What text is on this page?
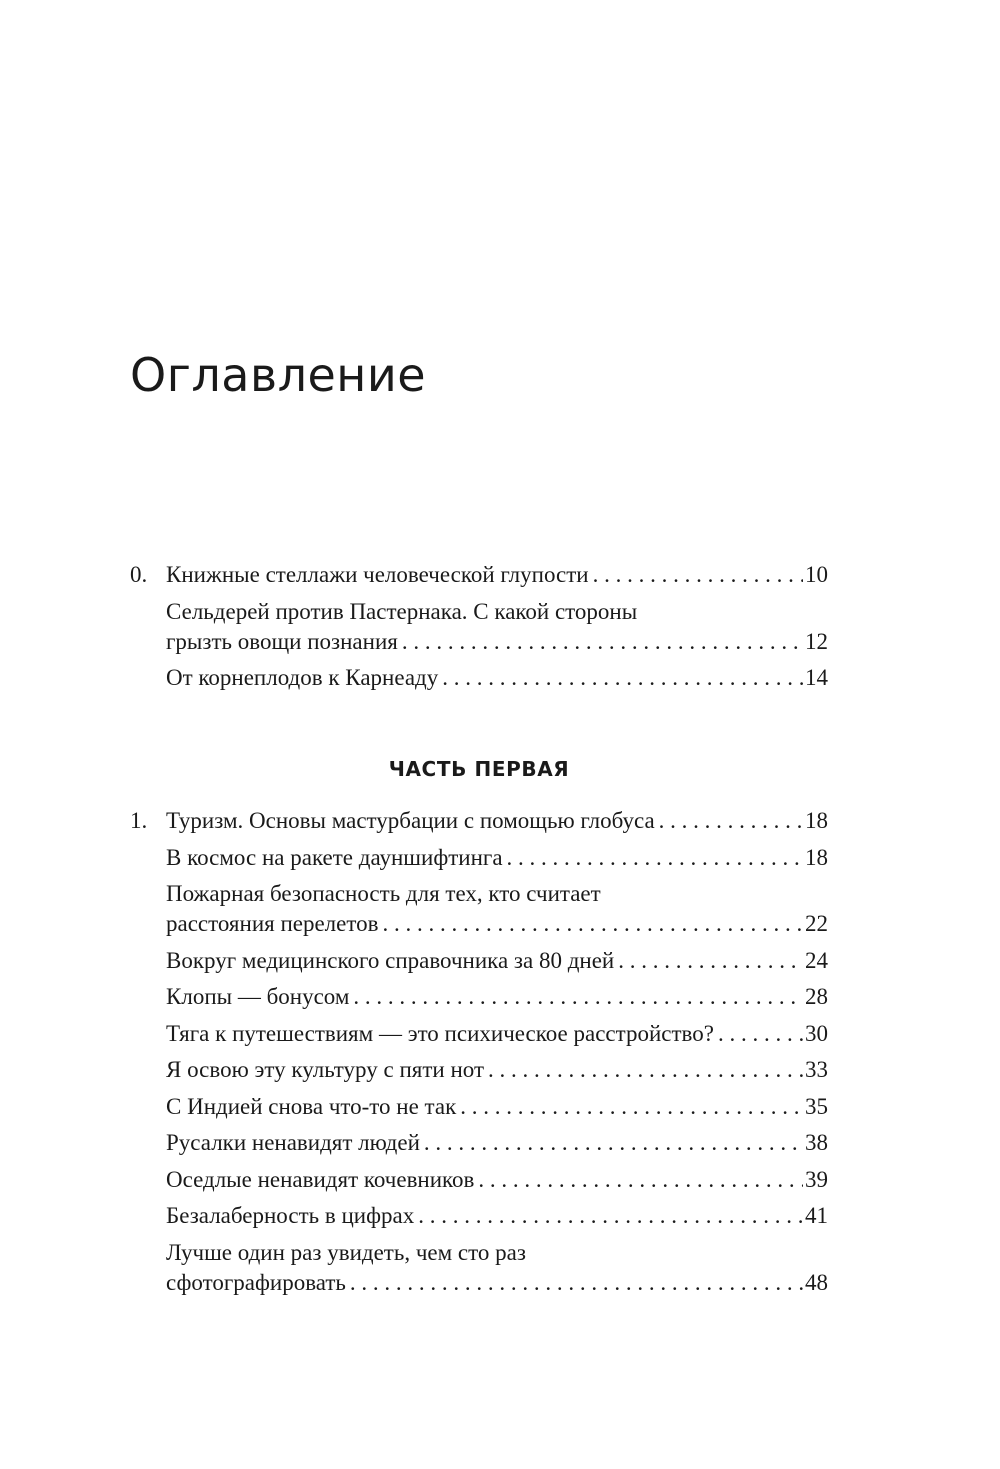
Оглавление
0. Книжные стеллажи человеческой глупости . . .	10
Сельдерей против Пастернака. С какой стороны
грызть овощи познания . . .	12
От корнеплодов к Карнеаду . . .	14
ЧАСТЬ ПЕРВАЯ
1. Туризм. Основы мастурбации с помощью глобуса . . .	18
В космос на ракете дауншифтинга . . .	18
Пожарная безопасность для тех, кто считает
расстояния перелетов . . .	22
Вокруг медицинского справочника за 80 дней . . .	24
Клопы — бонусом . . .	28
Тяга к путешествиям — это психическое расстройство? . . .	30
Я освою эту культуру с пяти нот . . .	33
С Индией снова что-то не так . . .	35
Русалки ненавидят людей . . .	38
Оседлые ненавидят кочевников . . .	39
Безалаберность в цифрах . . .	41
Лучше один раз увидеть, чем сто раз
сфотографировать . . .	48
